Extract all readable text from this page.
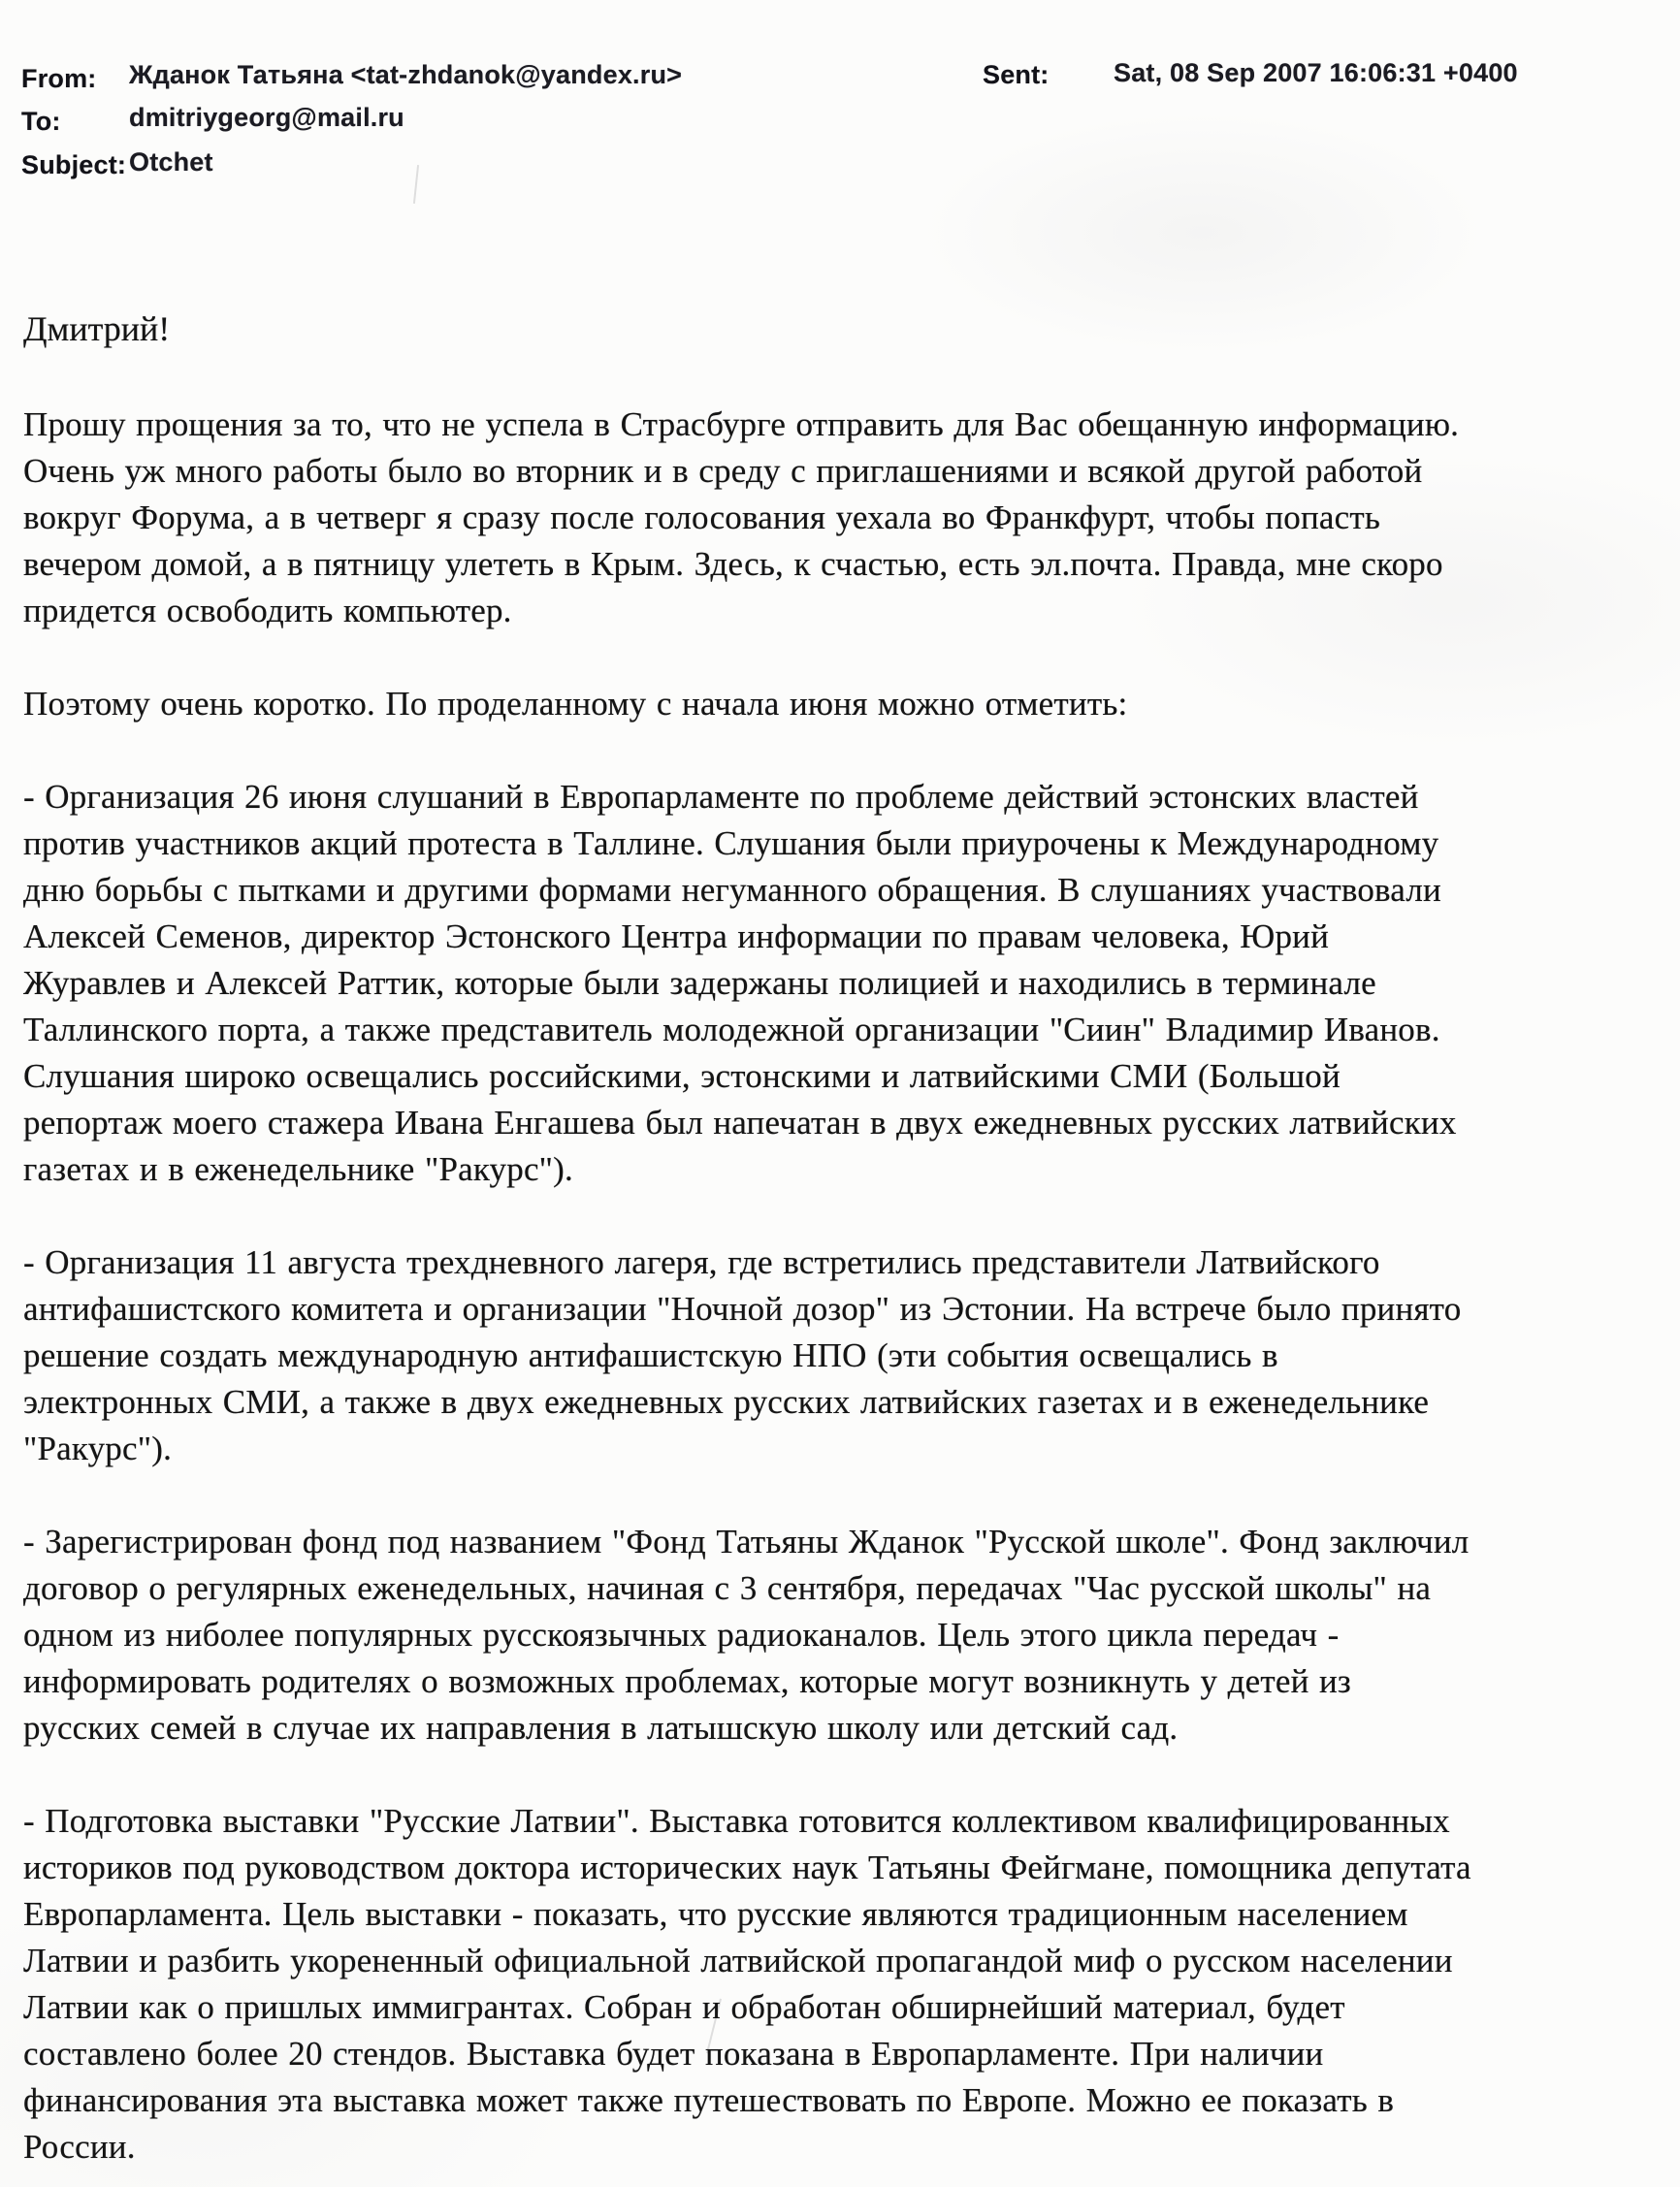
From: Жданок Татьяна <tat-zhdanok@yandex.ru>	Sent: Sat, 08 Sep 2007 16:06:31 +0400
To:	dmitriygeorg@mail.ru
Subject: Otchet
Дмитрий!
Прошу прощения за то, что не успела в Страсбурге отправить для Вас обещанную информацию.
Очень уж много работы было во вторник и в среду с приглашениями и всякой другой работой
вокруг Форума, а в четверг я сразу после голосования уехала во Франкфурт, чтобы попасть
вечером домой, а в пятницу улететь в Крым. Здесь, к счастью, есть эл.почта. Правда, мне скоро
придется освободить компьютер.
Поэтому очень коротко. По проделанному с начала июня можно отметить:
- Организация 26 июня слушаний в Европарламенте по проблеме действий эстонских властей
против участников акций протеста в Таллине. Слушания были приурочены к Международному
дню борьбы с пытками и другими формами негуманного обращения. В слушаниях участвовали
Алексей Семенов, директор Эстонского Центра информации по правам человека, Юрий
Журавлев и Алексей Раттик, которые были задержаны полицией и находились в терминале
Таллинского порта, а также представитель молодежной организации "Сиин" Владимир Иванов.
Слушания широко освещались российскими, эстонскими и латвийскими СМИ (Большой
репортаж моего стажера Ивана Енгашева был напечатан в двух ежедневных русских латвийских
газетах и в еженедельнике "Ракурс").
- Организация 11 августа трехдневного лагеря, где встретились представители Латвийского
антифашистского комитета и организации "Ночной дозор" из Эстонии. На встрече было принято
решение создать международную антифашистскую НПО (эти события освещались в
электронных СМИ, а также в двух ежедневных русских латвийских газетах и в еженедельнике
"Ракурс").
- Зарегистрирован фонд под названием "Фонд Татьяны Жданок "Русской школе". Фонд заключил
договор о регулярных еженедельных, начиная с 3 сентября, передачах "Час русской школы" на
одном из ниболее популярных русскоязычных радиоканалов. Цель этого цикла передач -
информировать родителях о возможных проблемах, которые могут возникнуть у детей из
русских семей в случае их направления в латышскую школу или детский сад.
- Подготовка выставки "Русские Латвии". Выставка готовится коллективом квалифицированных
историков под руководством доктора исторических наук Татьяны Фейгмане, помощника депутата
Европарламента. Цель выставки - показать, что русские являются традиционным населением
Латвии и разбить укорененный официальной латвийской пропагандой миф о русском населении
Латвии как о пришлых иммигрантах. Собран и обработан обширнейший материал, будет
составлено более 20 стендов. Выставка будет показана в Европарламенте. При наличии
финансирования эта выставка может также путешествовать по Европе. Можно ее показать в
России.
